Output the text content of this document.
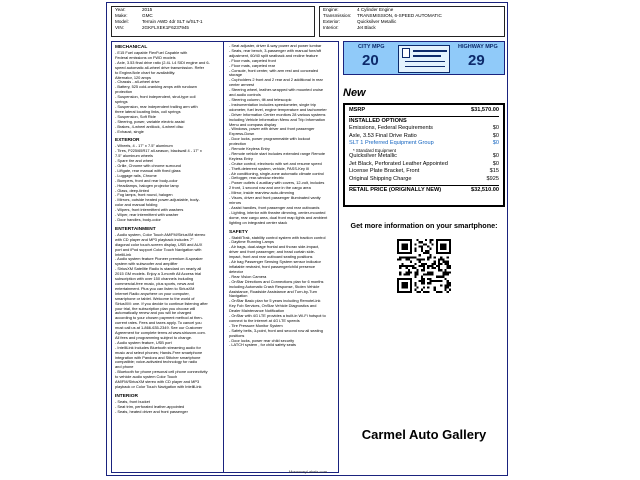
Year:	2015
Make:	GMC
Model:	Terrain AWD 4dr SLT w/SLT-1
VIN:	2GKFLXEK1F6237945
Engine:	4 Cylinder Engine
Transmission:	TRANSMISSION, 6-SPEED AUTOMATIC
Exterior:	Quicksilver Metallic
Interior:	Jet Black
MECHANICAL
- E15 Fuel capable FlexFuel Capable with
Federal emissions on FWD models
- Axle, 3.53 final drive ratio (2.4L I-4 SIDI engine and 6-
speed automatic all-wheel drive transmission. Refer
to Engine/Axle chart for availability.
Alternator, 120 amps
- Chassis - all-wheel drive
- Battery, 525 cold-cranking amps with rundown
protection
- Suspension, front independent, strut-type coil
springs
- Suspension, rear independent trailing arm with
three lateral locating links, coil springs
- Suspension, Soft Ride
- Steering, power, variable electric assist
- Brakes, 4-wheel antilock, 4-wheel disc
- Exhaust, single
EXTERIOR
- Wheels, 4 - 17" x 7.5" aluminum
- Tires, P225/65R17 all-season, blackwall 4 - 17" x
7.5" aluminum wheels
- Spare tire and wheel
- Grille, Chrome with chrome surround
- Liftgate, rear manual with fixed glass
- Luggage rails, Chrome
- Bumpers, front and rear body-color
- Headlamps, halogen projector lamp
- Glass, deep-tinted
- Fog lamps, front round, halogen
- Mirrors, outside heated power-adjustable, body-
color and manual folding
- Wipers, front intermittent with washers
- Wiper, rear intermittent with washer
- Door handles, body-color
ENTERTAINMENT
- Audio system, Color Touch AM/FM/SiriusXM stereo
with CD player and MP3 playback includes 7"
diagonal color touch-screen display, USB and AUX
port and iPod support Color Touch Navigation with
IntelliLink
- Audio system feature Pioneer premium 8-speaker
system with subwoofer and amplifier
- SiriusXM Satellite Radio is standard on nearly all
2015 GM models. Enjoy a 3-month All Access trial
subscription with over 150 channels including
commercial-free music, plus sports, news and
entertainment. Plus you can listen to SiriusXM
Internet Radio anywhere on your computer,
smartphone or tablet. Welcome to the world of
SiriusXM: one. If you decide to continue listening after
your trial, the subscription plan you choose will
automatically renew and you will be charged
according to your chosen payment method at then-
current rates. Fees and taxes apply. To cancel you
must call us at 1-866-635-2349. See our Customer
Agreement for complete terms at www.siriusxm.com.
All fees and programming subject to change.
- Audio system feature, USB port
- IntelliLink includes Bluetooth streaming audio for
music and select phones; Hands-Free smartphone
integration with Pandora and Stitcher smartphone
compatible; voice-activated technology for radio
and phone
- Bluetooth for phone personal cell phone connectivity
to vehicle audio system Color Touch
AM/FM/SiriusXM stereo with CD player and MP3
playback or Color Touch Navigation with IntelliLink
INTERIOR
- Seats, front bucket
- Seat trim, perforated leather-appointed
- Seats, heated driver and front passenger
- Seat adjuster, driver 8-way power and power lumbar
- Seats, rear bench, 3-passenger with manual fore/aft
adjustment, 60/40 split seatback and recline feature
- Floor mats, carpeted front
- Floor mats, carpeted rear
- Console, front center, with arm rest and concealed
storage
- Cupholders 2 front and 2 rear and 2 additional in rear
center armrest
- Steering wheel, leather-wrapped with mounted cruise
and audio controls
- Steering column, tilt and telescopic
- Instrumentation includes speedometer, single trip
odometer, fuel level, engine temperature and tachometer
- Driver Information Center monitors 28 various systems
including Vehicle Information Menu and Trip Information
Menu and compass display
- Windows, power with driver and front passenger
Express-Down
- Door locks, power programmable with lockout
protection
- Remote Keyless Entry
- Remote vehicle start includes extended range Remote
Keyless Entry
- Cruise control, electronic with set and resume speed
- Theft-deterrent system, vehicle, PASS-Key III
- Air conditioning, single-zone automatic climate control
- Defogger, rear-window electric
- Power outlets 4 auxiliary with covers, 12-volt, includes
2 front, 1 second row and one in the cargo area
- Mirror, inside rearview auto-dimming
- Visors, driver and front passenger illuminated vanity
mirrors
- Assist handles, front passenger and rear outboards
- Lighting, interior with theatre dimming, center-mounted
dome, rear cargo area, dual front map lights and ambient
lighting on integrated center stack
SAFETY
- StabiliTrak, stability control system with traction control
- Daytime Running Lamps
- Air bags, dual-stage frontal and thorax side-impact,
driver and front passenger; and head curtain side-
impact, front and rear outboard seating positions
- Air bag Passenger Sensing System sensor indicator
inflatable restraint, front passenger/child presence
detector
- Rear Vision Camera
- OnStar Directions and Connections plan for 6 months
including Automatic Crash Response, Stolen Vehicle
Assistance, Roadside Assistance and Turn-by-Turn
Navigation
- OnStar Basic plan for 5 years including RemoteLink
Key Fob Services, OnStar Vehicle Diagnostics and
Dealer Maintenance Notification
- OnStar with 4G LTE provides a built-in Wi-Fi hotspot to
connect to the internet at 4G LTE speeds
- Tire Pressure Monitor System
- Safety belts, 3-point, front and second row all seating
positions
- Door locks, power rear child security
- LATCH system , for child safety seats
CITY MPG
20
HIGHWAY MPG
29
New
MSRP	$31,570.00
INSTALLED OPTIONS
Emissions, Federal Requirements	$0
Axle, 3.53 Final Drive Ratio	$0
SLT 1 Preferred Equipment Group	$0
* Standard Equipment
Quicksilver Metallic	$0
Jet Black, Perforated Leather Appointed	$0
License Plate Bracket, Front	$15
Original Shipping Charge	$925
RETAIL PRICE (ORIGINALLY NEW)	$32,510.00
Get more information on your smartphone:
Carmel Auto Gallery
MonroneyLabels.com
